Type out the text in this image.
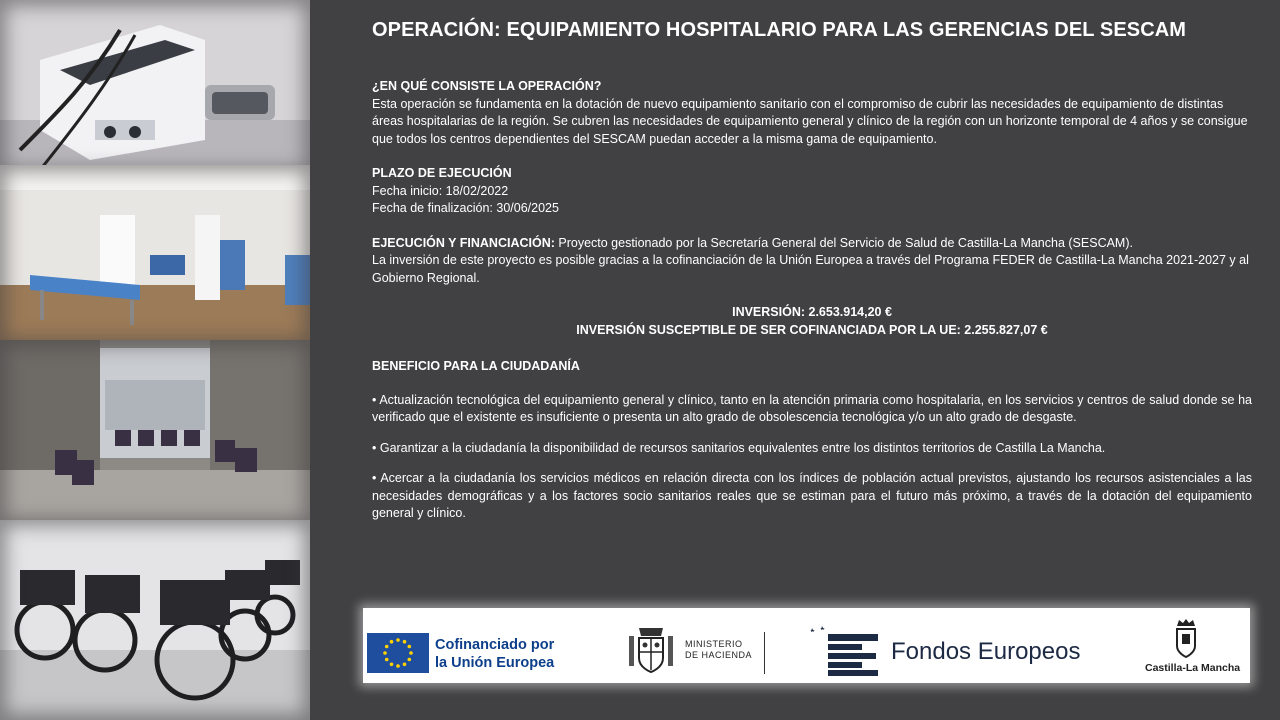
OPERACIÓN: EQUIPAMIENTO HOSPITALARIO PARA LAS GERENCIAS DEL SESCAM

¿EN QUÉ CONSISTE LA OPERACIÓN?

Esta operación se fundamenta en la dotación de nuevo equipamiento sanitario con el compromiso de cubrir las necesidades de equipamiento de distintas áreas hospitalarias de la región. Se cubren las necesidades de equipamiento general y clínico de la región con un horizonte temporal de 4 años y se consigue que todos los centros dependientes del SESCAM puedan acceder a la misma gama de equipamiento.

PLAZO DE EJECUCIÓN

Fecha inicio: 18/02/2022

Fecha de finalización: 30/06/2025

EJECUCIÓN Y FINANCIACIÓN: Proyecto gestionado por la Secretaría General del Servicio de Salud de Castilla-La Mancha (SESCAM).

La inversión de este proyecto es posible gracias a la cofinanciación de la Unión Europea a través del Programa FEDER de Castilla-La Mancha 2021-2027 y al Gobierno Regional.

INVERSIÓN: 2.653.914,20 €

INVERSIÓN SUSCEPTIBLE DE SER COFINANCIADA POR LA UE: 2.255.827,07 €

BENEFICIO PARA LA CIUDADANÍA

• Actualización tecnológica del equipamiento general y clínico, tanto en la atención primaria como hospitalaria, en los servicios y centros de salud donde se ha verificado que el existente es insuficiente o presenta un alto grado de obsolescencia tecnológica y/o un alto grado de desgaste.

• Garantizar a la ciudadanía la disponibilidad de recursos sanitarios equivalentes entre los distintos territorios de Castilla La Mancha.

• Acercar a la ciudadanía los servicios médicos en relación directa con los índices de población actual previstos, ajustando los recursos asistenciales a las necesidades demográficas y a los factores socio sanitarios reales que se estiman para el futuro más próximo, a través de la dotación del equipamiento general y clínico.

Cofinanciado por
la Unión Europea
MINISTERIO
DE HACIENDA	Fondos Europeos
Castilla-La Mancha
